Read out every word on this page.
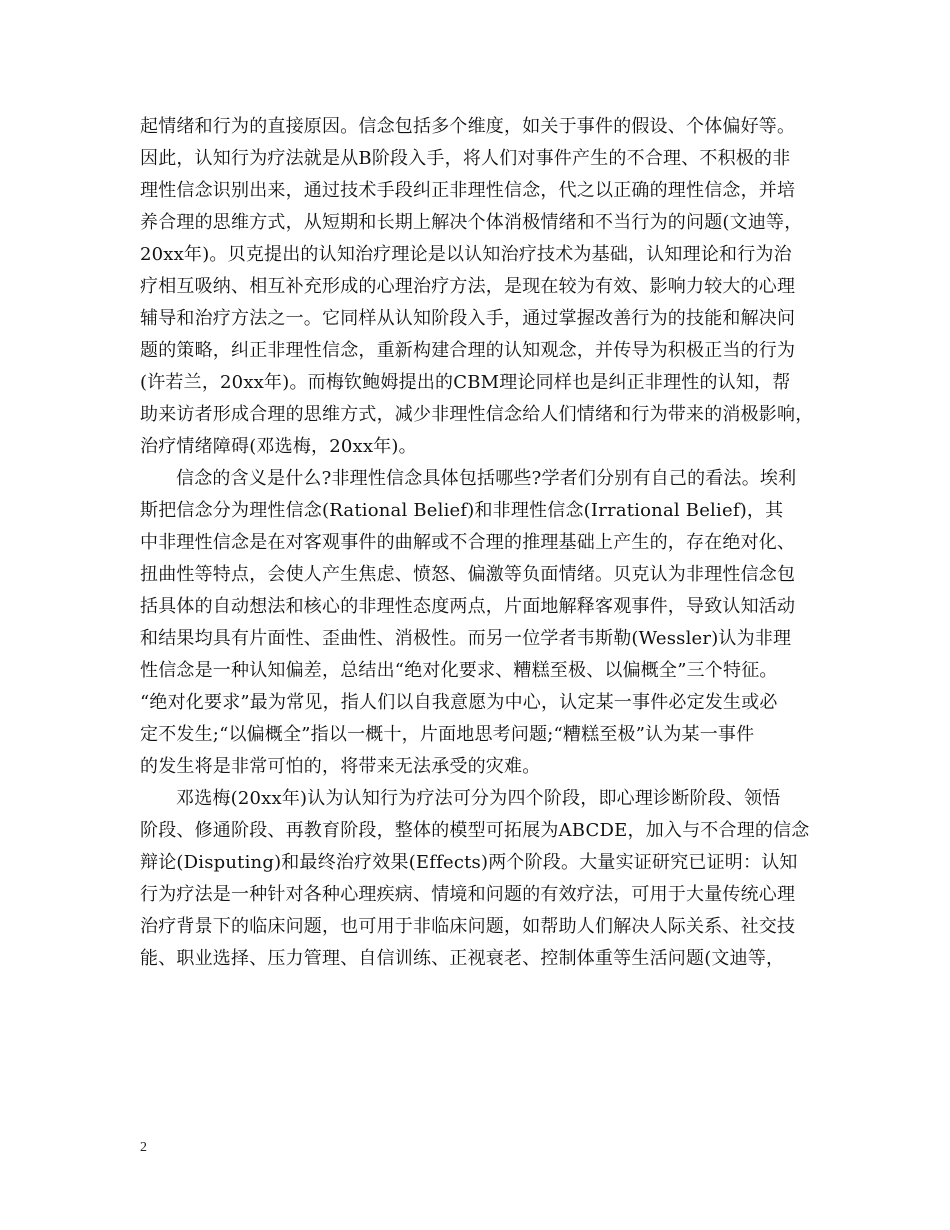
起情绪和行为的直接原因。信念包括多个维度，如关于事件的假设、个体偏好等。
因此，认知行为疗法就是从B阶段入手，将人们对事件产生的不合理、不积极的非
理性信念识别出来，通过技术手段纠正非理性信念，代之以正确的理性信念，并培
养合理的思维方式，从短期和长期上解决个体消极情绪和不当行为的问题(文迪等，
20xx年)。贝克提出的认知治疗理论是以认知治疗技术为基础，认知理论和行为治
疗相互吸纳、相互补充形成的心理治疗方法，是现在较为有效、影响力较大的心理
辅导和治疗方法之一。它同样从认知阶段入手，通过掌握改善行为的技能和解决问
题的策略，纠正非理性信念，重新构建合理的认知观念，并传导为积极正当的行为
(许若兰，20xx年)。而梅钦鲍姆提出的CBM理论同样也是纠正非理性的认知，帮
助来访者形成合理的思维方式，减少非理性信念给人们情绪和行为带来的消极影响，
治疗情绪障碍(邓选梅，20xx年)。
信念的含义是什么?非理性信念具体包括哪些?学者们分别有自己的看法。埃利
斯把信念分为理性信念(Rational Belief)和非理性信念(Irrational Belief)，其
中非理性信念是在对客观事件的曲解或不合理的推理基础上产生的，存在绝对化、
扭曲性等特点，会使人产生焦虑、愤怒、偏激等负面情绪。贝克认为非理性信念包
括具体的自动想法和核心的非理性态度两点，片面地解释客观事件，导致认知活动
和结果均具有片面性、歪曲性、消极性。而另一位学者韦斯勒(Wessler)认为非理
性信念是一种认知偏差，总结出“绝对化要求、糟糕至极、以偏概全”三个特征。
“绝对化要求”最为常见，指人们以自我意愿为中心，认定某一事件必定发生或必
定不发生;“以偏概全”指以一概十，片面地思考问题;“糟糕至极”认为某一事件
的发生将是非常可怕的，将带来无法承受的灾难。
邓选梅(20xx年)认为认知行为疗法可分为四个阶段，即心理诊断阶段、领悟
阶段、修通阶段、再教育阶段，整体的模型可拓展为ABCDE，加入与不合理的信念
辩论(Disputing)和最终治疗效果(Effects)两个阶段。大量实证研究已证明：认知
行为疗法是一种针对各种心理疾病、情境和问题的有效疗法，可用于大量传统心理
治疗背景下的临床问题，也可用于非临床问题，如帮助人们解决人际关系、社交技
能、职业选择、压力管理、自信训练、正视衰老、控制体重等生活问题(文迪等，
2
